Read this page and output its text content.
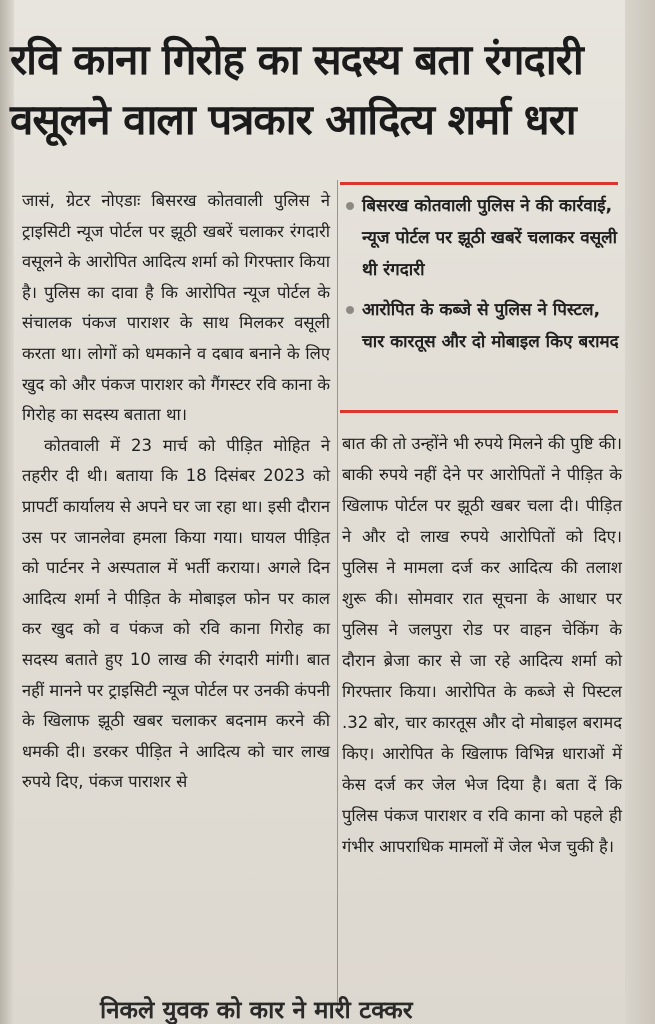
रवि काना गिरोह का सदस्य बता रंगदारी
वसूलने वाला पत्रकार आदित्य शर्मा धरा

जासं, ग्रेटर नोएडाः बिसरख कोतवाली पुलिस ने ट्राइसिटी न्यूज पोर्टल पर झूठी खबरें चलाकर रंगदारी वसूलने के आरोपित आदित्य शर्मा को गिरफ्तार किया है। पुलिस का दावा है कि आरोपित न्यूज पोर्टल के संचालक पंकज पाराशर के साथ मिलकर वसूली करता था। लोगों को धमकाने व दबाव बनाने के लिए खुद को और पंकज पाराशर को गैंगस्टर रवि काना के गिरोह का सदस्य बताता था।

कोतवाली में 23 मार्च को पीड़ित मोहित ने तहरीर दी थी। बताया कि 18 दिसंबर 2023 को प्रापर्टी कार्यालय से अपने घर जा रहा था। इसी दौरान उस पर जानलेवा हमला किया गया। घायल पीड़ित को पार्टनर ने अस्पताल में भर्ती कराया। अगले दिन आदित्य शर्मा ने पीड़ित के मोबाइल फोन पर काल कर खुद को व पंकज को रवि काना गिरोह का सदस्य बताते हुए 10 लाख की रंगदारी मांगी। बात नहीं मानने पर ट्राइसिटी न्यूज पोर्टल पर उनकी कंपनी के खिलाफ झूठी खबर चलाकर बदनाम करने की धमकी दी। डरकर पीड़ित ने आदित्य को चार लाख रुपये दिए, पंकज पाराशर से

बिसरख कोतवाली पुलिस ने की कार्रवाई, न्यूज पोर्टल पर झूठी खबरें चलाकर वसूली थी रंगदारी
आरोपित के कब्जे से पुलिस ने पिस्टल, चार कारतूस और दो मोबाइल किए बरामद

बात की तो उन्होंने भी रुपये मिलने की पुष्टि की। बाकी रुपये नहीं देने पर आरोपितों ने पीड़ित के खिलाफ पोर्टल पर झूठी खबर चला दी। पीड़ित ने और दो लाख रुपये आरोपितों को दिए। पुलिस ने मामला दर्ज कर आदित्य की तलाश शुरू की। सोमवार रात सूचना के आधार पर पुलिस ने जलपुरा रोड पर वाहन चेकिंग के दौरान ब्रेजा कार से जा रहे आदित्य शर्मा को गिरफ्तार किया। आरोपित के कब्जे से पिस्टल .32 बोर, चार कारतूस और दो मोबाइल बरामद किए। आरोपित के खिलाफ विभिन्न धाराओं में केस दर्ज कर जेल भेज दिया है। बता दें कि पुलिस पंकज पाराशर व रवि काना को पहले ही गंभीर आपराधिक मामलों में जेल भेज चुकी है।

निकले युवक को कार ने मारी टक्कर
